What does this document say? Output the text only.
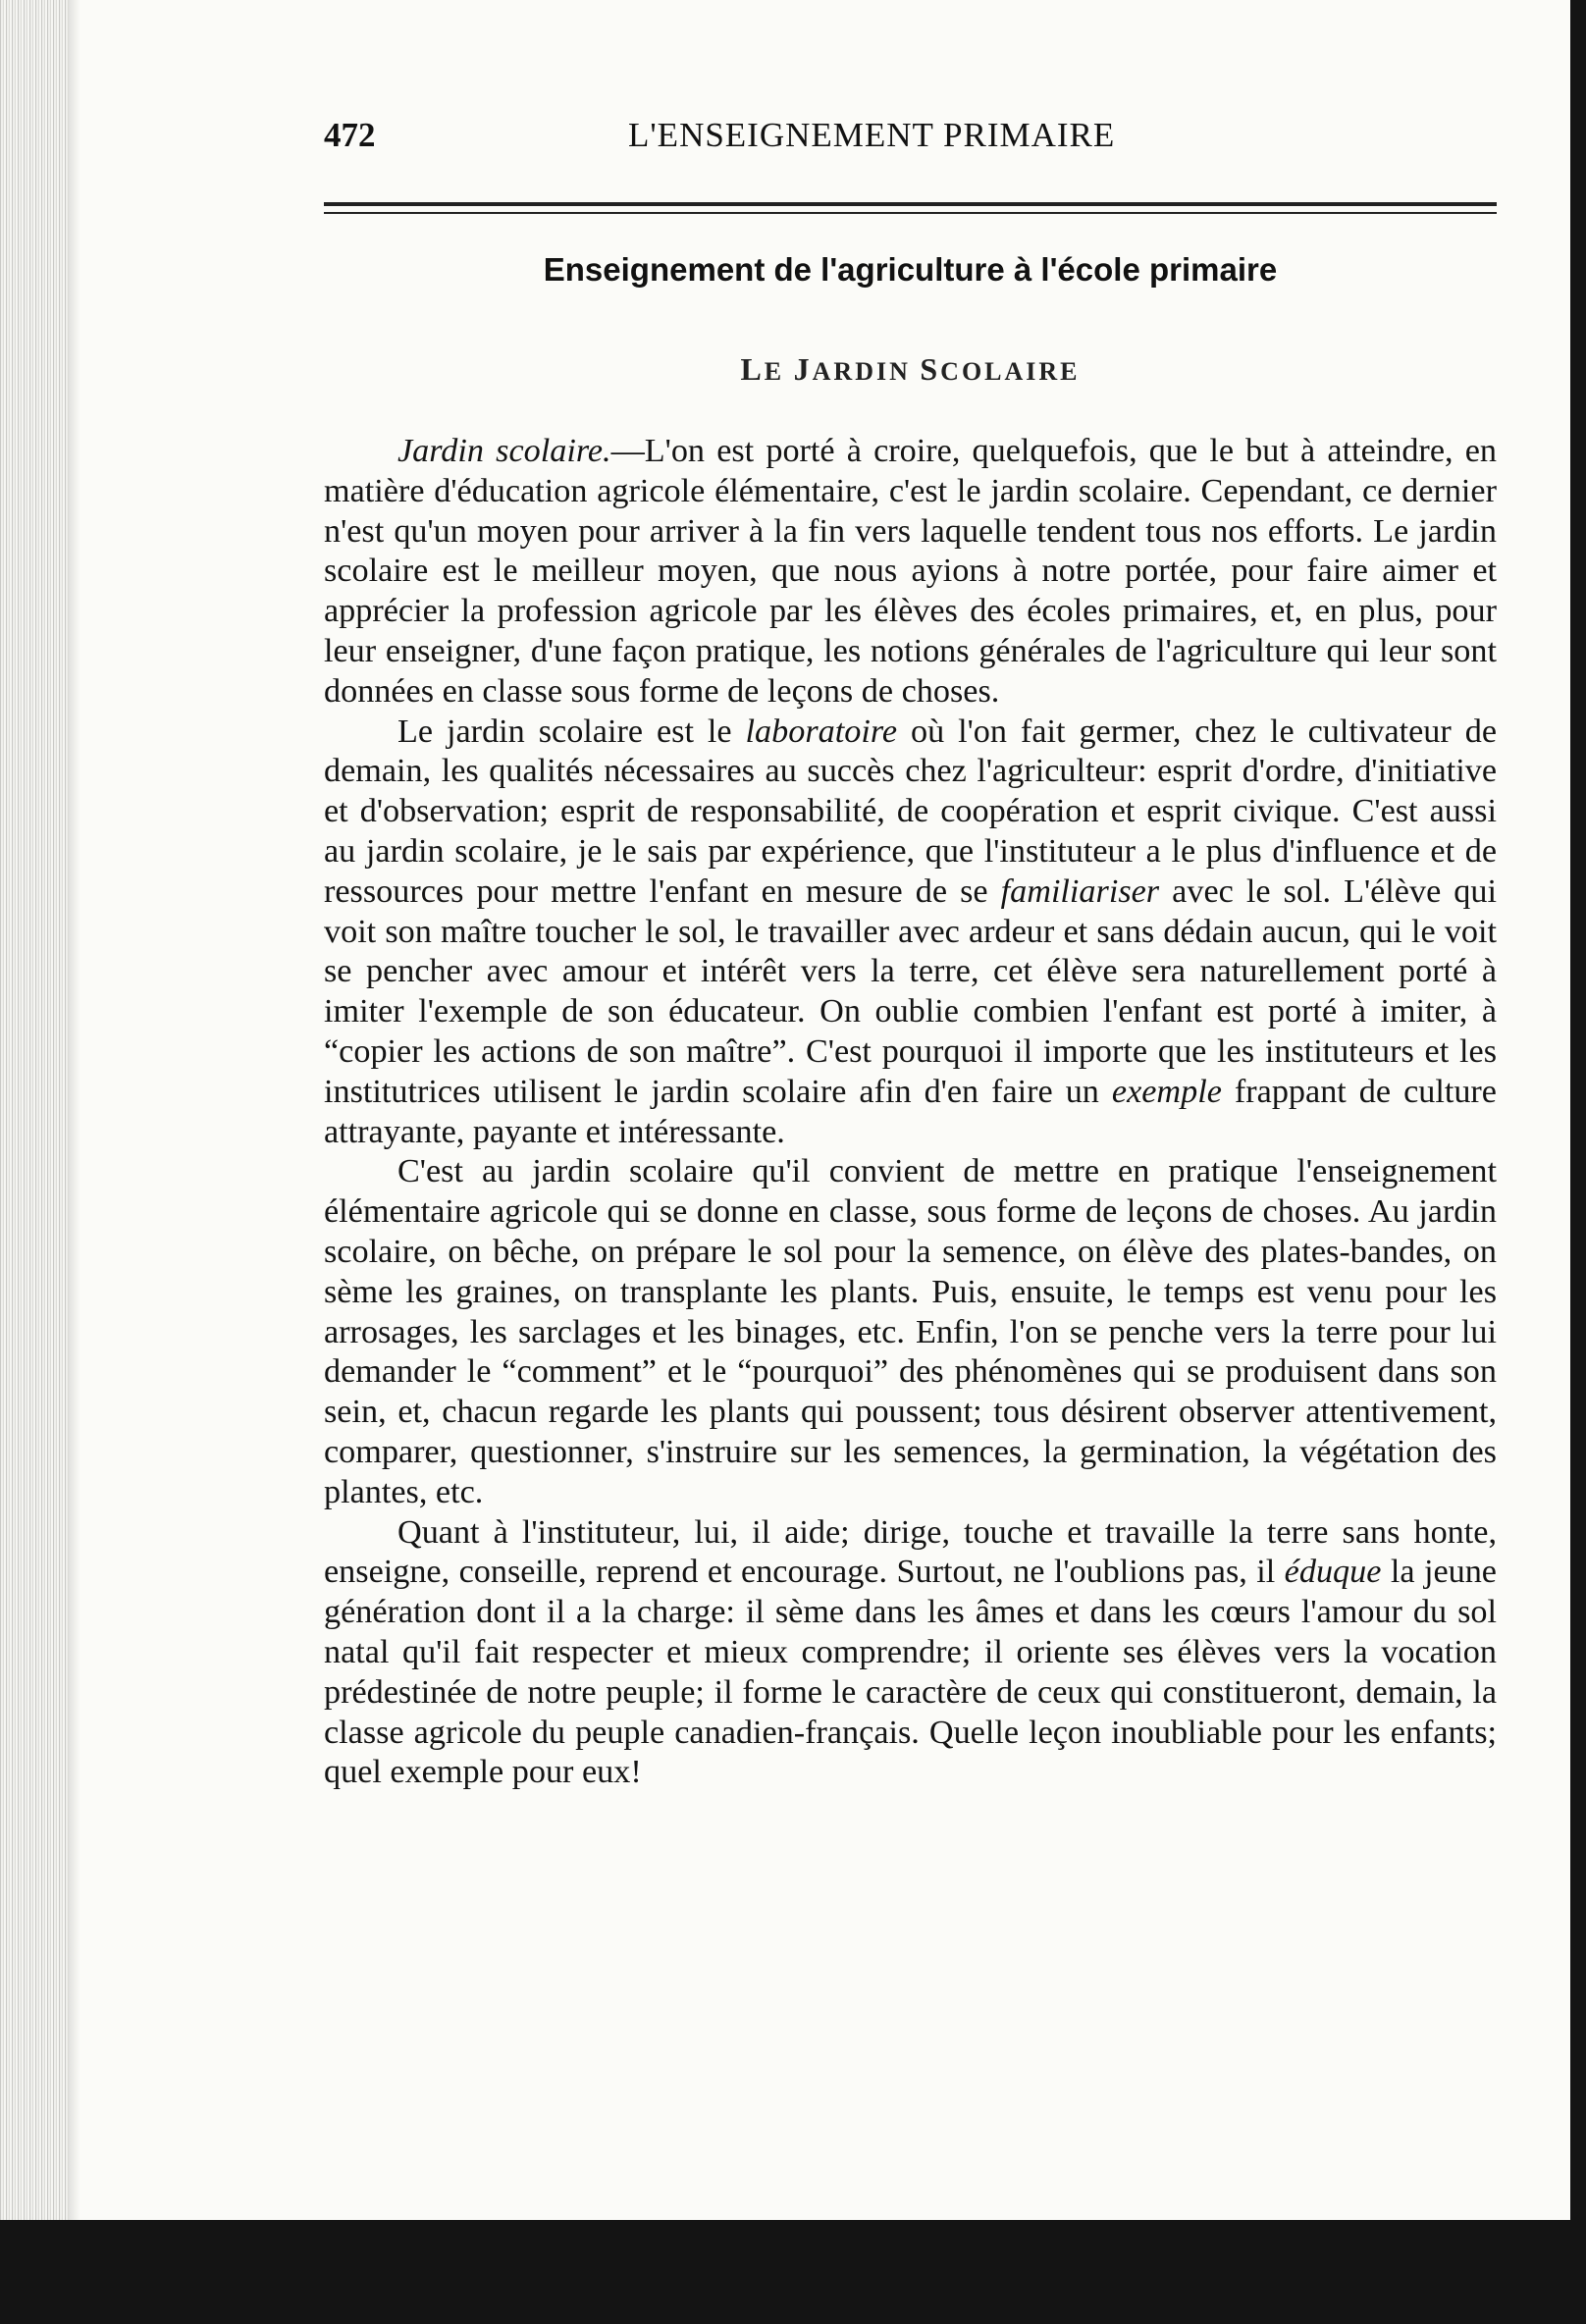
472	L'ENSEIGNEMENT PRIMAIRE
Enseignement de l'agriculture à l'école primaire
LE JARDIN SCOLAIRE

Jardin scolaire.—L'on est porté à croire, quelquefois, que le but à atteindre, en matière d'éducation agricole élémentaire, c'est le jardin scolaire. Cependant, ce dernier n'est qu'un moyen pour arriver à la fin vers laquelle tendent tous nos efforts. Le jardin scolaire est le meilleur moyen, que nous ayions à notre portée, pour faire aimer et apprécier la profession agricole par les élèves des écoles primaires, et, en plus, pour leur enseigner, d'une façon pratique, les notions générales de l'agriculture qui leur sont données en classe sous forme de leçons de choses.

Le jardin scolaire est le laboratoire où l'on fait germer, chez le cultivateur de demain, les qualités nécessaires au succès chez l'agriculteur: esprit d'ordre, d'initiative et d'observation; esprit de responsabilité, de coopération et esprit civique. C'est aussi au jardin scolaire, je le sais par expérience, que l'instituteur a le plus d'influence et de ressources pour mettre l'enfant en mesure de se familiariser avec le sol. L'élève qui voit son maître toucher le sol, le travailler avec ardeur et sans dédain aucun, qui le voit se pencher avec amour et intérêt vers la terre, cet élève sera naturellement porté à imiter l'exemple de son éducateur. On oublie combien l'enfant est porté à imiter, à “copier les actions de son maître”. C'est pourquoi il importe que les instituteurs et les institutrices utilisent le jardin scolaire afin d'en faire un exemple frappant de culture attrayante, payante et intéressante.

C'est au jardin scolaire qu'il convient de mettre en pratique l'enseignement élémentaire agricole qui se donne en classe, sous forme de leçons de choses. Au jardin scolaire, on bêche, on prépare le sol pour la semence, on élève des plates-bandes, on sème les graines, on transplante les plants. Puis, ensuite, le temps est venu pour les arrosages, les sarclages et les binages, etc. Enfin, l'on se penche vers la terre pour lui demander le “comment” et le “pourquoi” des phénomènes qui se produisent dans son sein, et, chacun regarde les plants qui poussent; tous désirent observer attentivement, comparer, questionner, s'instruire sur les semences, la germination, la végétation des plantes, etc.

Quant à l'instituteur, lui, il aide; dirige, touche et travaille la terre sans honte, enseigne, conseille, reprend et encourage. Surtout, ne l'oublions pas, il éduque la jeune génération dont il a la charge: il sème dans les âmes et dans les cœurs l'amour du sol natal qu'il fait respecter et mieux comprendre; il oriente ses élèves vers la vocation prédestinée de notre peuple; il forme le caractère de ceux qui constitueront, demain, la classe agricole du peuple canadien-français. Quelle leçon inoubliable pour les enfants; quel exemple pour eux!
